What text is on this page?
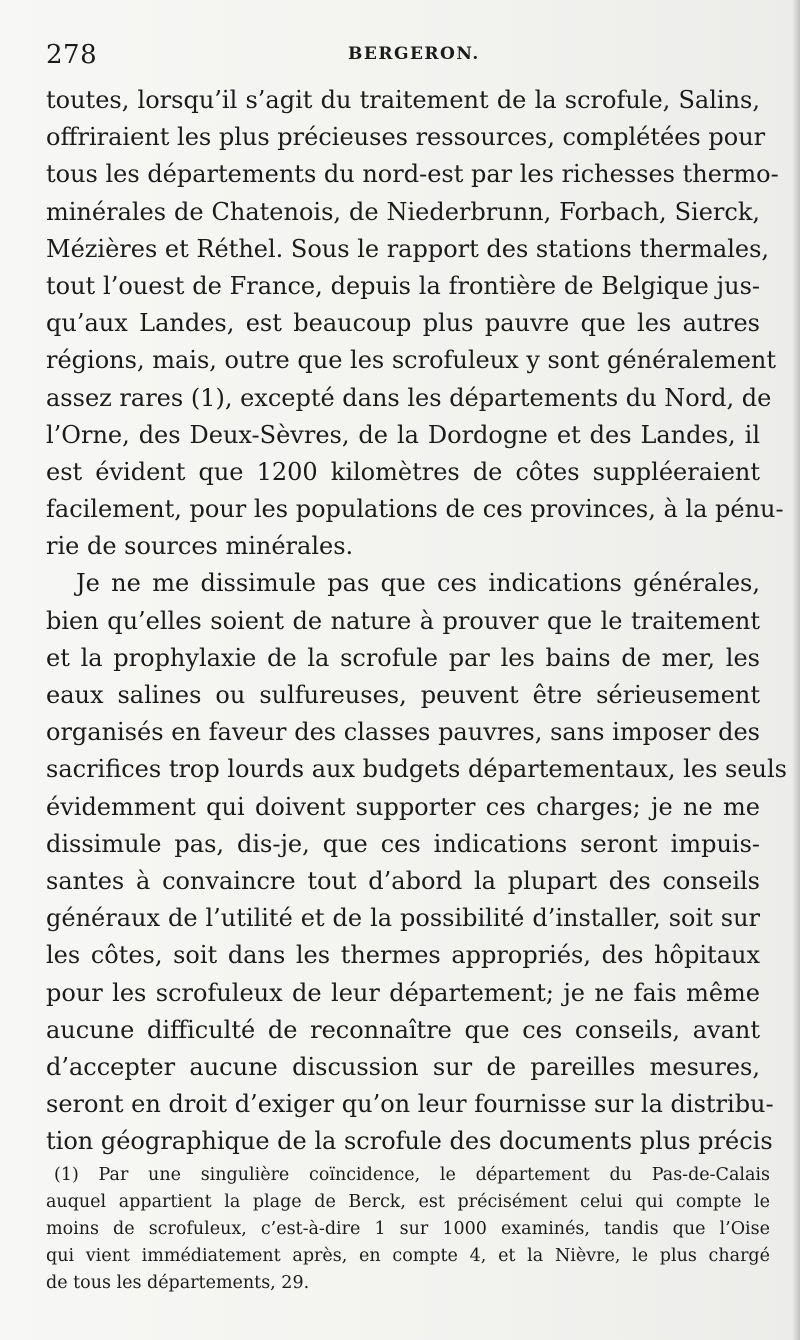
278	BERGERON.
toutes, lorsqu’il s’agit du traitement de la scrofule, Salins,
offriraient les plus précieuses ressources, complétées pour
tous les départements du nord-est par les richesses thermo-
minérales de Chatenois, de Niederbrunn, Forbach, Sierck,
Mézières et Réthel. Sous le rapport des stations thermales,
tout l’ouest de France, depuis la frontière de Belgique jus-
qu’aux Landes, est beaucoup plus pauvre que les autres
régions, mais, outre que les scrofuleux y sont généralement
assez rares (1), excepté dans les départements du Nord, de
l’Orne, des Deux-Sèvres, de la Dordogne et des Landes, il
est évident que 1200 kilomètres de côtes suppléeraient
facilement, pour les populations de ces provinces, à la pénu-
rie de sources minérales.
Je ne me dissimule pas que ces indications générales,
bien qu’elles soient de nature à prouver que le traitement
et la prophylaxie de la scrofule par les bains de mer, les
eaux salines ou sulfureuses, peuvent être sérieusement
organisés en faveur des classes pauvres, sans imposer des
sacrifices trop lourds aux budgets départementaux, les seuls
évidemment qui doivent supporter ces charges; je ne me
dissimule pas, dis-je, que ces indications seront impuis-
santes à convaincre tout d’abord la plupart des conseils
généraux de l’utilité et de la possibilité d’installer, soit sur
les côtes, soit dans les thermes appropriés, des hôpitaux
pour les scrofuleux de leur département; je ne fais même
aucune difficulté de reconnaître que ces conseils, avant
d’accepter aucune discussion sur de pareilles mesures,
seront en droit d’exiger qu’on leur fournisse sur la distribu-
tion géographique de la scrofule des documents plus précis
(1) Par une singulière coïncidence, le département du Pas-de-Calais
auquel appartient la plage de Berck, est précisément celui qui compte le
moins de scrofuleux, c’est-à-dire 1 sur 1000 examinés, tandis que l’Oise
qui vient immédiatement après, en compte 4, et la Nièvre, le plus chargé
de tous les départements, 29.
